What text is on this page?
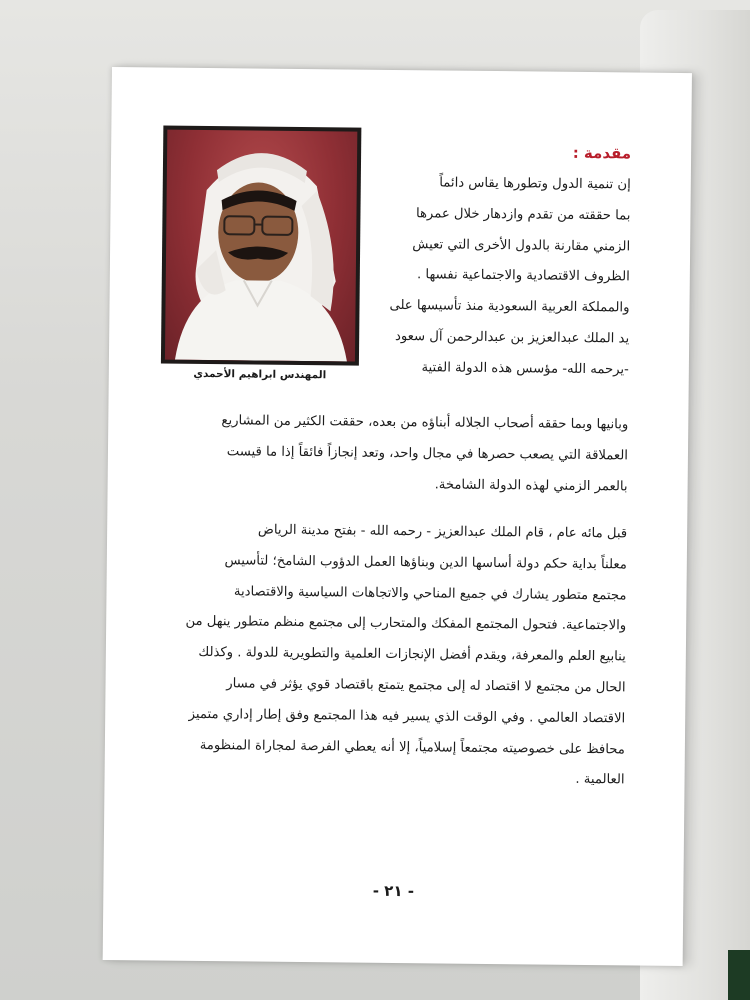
المهندس ابراهيم الأحمدي
مقدمة :
إن تنمية الدول وتطورها يقاس دائماً
بما حققته من تقدم وازدهار خلال عمرها
الزمني مقارنة بالدول الأخرى التي تعيش
الظروف الاقتصادية والاجتماعية نفسها .
والمملكة العربية السعودية منذ تأسيسها على
يد الملك عبدالعزيز بن عبدالرحمن آل سعود
-يرحمه الله- مؤسس هذه الدولة الفتية
وبانيها وبما حققه أصحاب الجلاله أبناؤه من بعده، حققت الكثير من المشاريع
العملاقة التي يصعب حصرها في مجال واحد، وتعد إنجازاً فائقاً إذا ما قيست
بالعمر الزمني لهذه الدولة الشامخة.
قبل مائه عام ، قام الملك عبدالعزيز - رحمه الله - بفتح مدينة الرياض
معلناً بداية حكم دولة أساسها الدين وبناؤها العمل الدؤوب الشامخ؛ لتأسيس
مجتمع متطور يشارك في جميع المناحي والاتجاهات السياسية والاقتصادية
والاجتماعية. فتحول المجتمع المفكك والمتحارب إلى مجتمع منظم متطور ينهل من
ينابيع العلم والمعرفة، ويقدم أفضل الإنجازات العلمية والتطويرية للدولة . وكذلك
الحال من مجتمع لا اقتصاد له إلى مجتمع يتمتع باقتصاد قوي يؤثر في مسار
الاقتصاد العالمي . وفي الوقت الذي يسير فيه هذا المجتمع وفق إطار إداري متميز
محافظ على خصوصيته مجتمعاً إسلامياً، إلا أنه يعطي الفرصة لمجاراة المنظومة
العالمية .
- ٢١ -
